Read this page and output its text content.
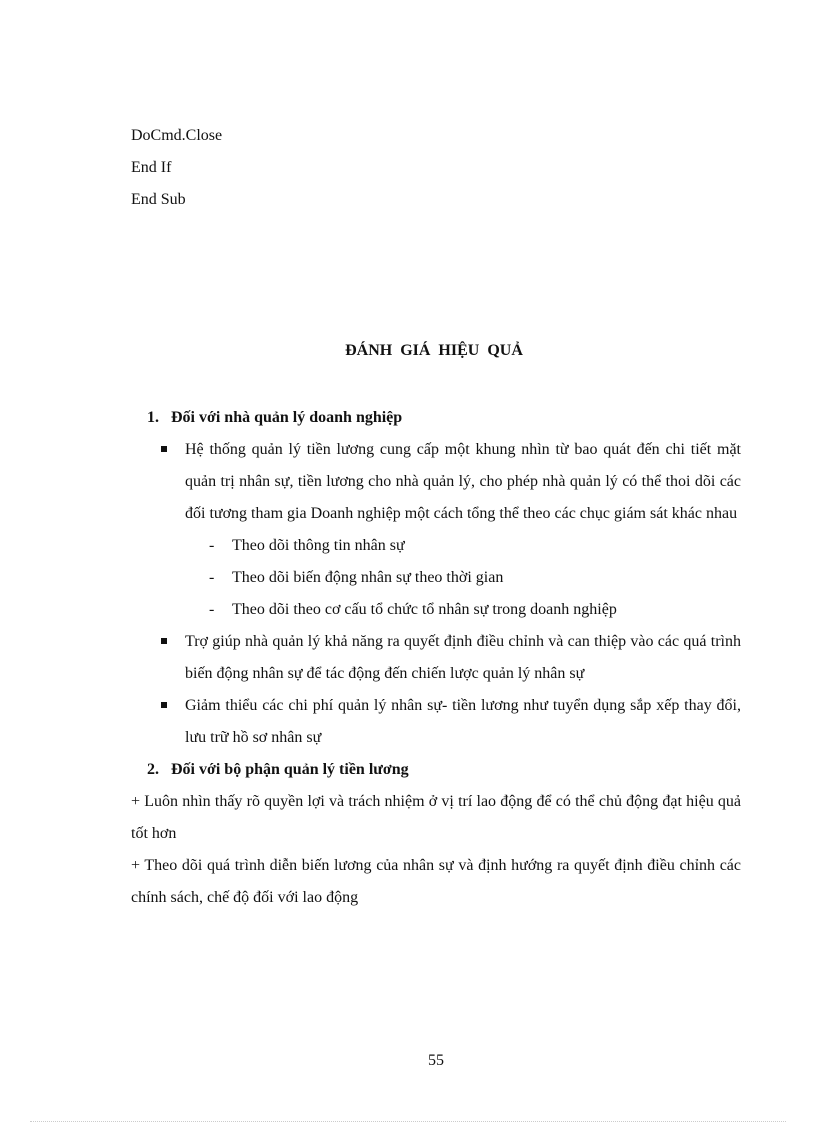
DoCmd.Close
End If
End Sub
ĐÁNH GIÁ HIỆU QUẢ
1. Đối với nhà quản lý doanh nghiệp
Hệ thống quản lý tiền lương cung cấp một khung nhìn từ bao quát đến chi tiết mặt quản trị nhân sự, tiền lương cho nhà quản lý, cho phép nhà quản lý có thể thoi dõi các đối tương tham gia Doanh nghiệp một cách tổng thể theo các chục giám sát khác nhau
- Theo dõi thông tin nhân sự
- Theo dõi biến động nhân sự theo thời gian
- Theo dõi theo cơ cấu tổ chức tổ nhân sự trong doanh nghiệp
Trợ giúp nhà quản lý khả năng ra quyết định điều chỉnh và can thiệp vào các quá trình biến động nhân sự để tác động đến chiến lược quản lý nhân sự
Giảm thiểu các chi phí quản lý nhân sự- tiền lương như tuyển dụng sắp xếp thay đổi, lưu trữ hồ sơ nhân sự
2. Đối với bộ phận quản lý tiền lương
+ Luôn nhìn thấy rõ quyền lợi và trách nhiệm ở vị trí lao động để có thể chủ động đạt hiệu quả tốt hơn
+ Theo dõi quá trình diễn biến lương của nhân sự và định hướng ra quyết định điều chỉnh các chính sách, chế độ đối với lao động
55
